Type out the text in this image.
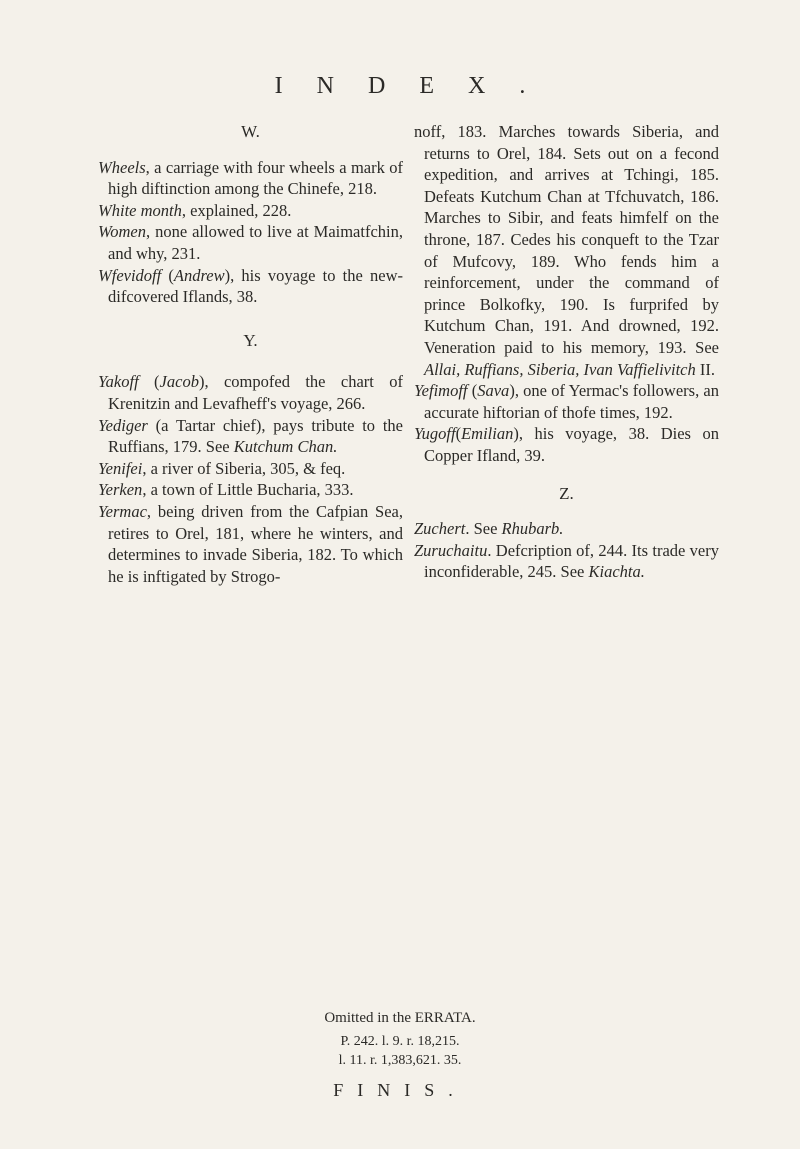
INDEX.
W.

Wheels, a carriage with four wheels a mark of high diftinction among the Chinefe, 218.

White month, explained, 228.

Women, none allowed to live at Maimatfchin, and why, 231.

Wfevidoff (Andrew), his voyage to the new-difcovered Iflands, 38.

Y.

Yakoff (Jacob), compofed the chart of Krenitzin and Levafheff's voyage, 266.

Yediger (a Tartar chief), pays tribute to the Ruffians, 179. See Kutchum Chan.

Yenifei, a river of Siberia, 305, & feq.

Yerken, a town of Little Bucharia, 333.

Yermac, being driven from the Cafpian Sea, retires to Orel, 181, where he winters, and determines to invade Siberia, 182. To which he is inftigated by Strogo-

noff, 183. Marches towards Siberia, and returns to Orel, 184. Sets out on a fecond expedition, and arrives at Tchingi, 185. Defeats Kutchum Chan at Tfchuvatch, 186. Marches to Sibir, and feats himfelf on the throne, 187. Cedes his conqueft to the Tzar of Mufcovy, 189. Who fends him a reinforcement, under the command of prince Bolkofky, 190. Is furprifed by Kutchum Chan, 191. And drowned, 192. Veneration paid to his memory, 193. See Allai, Ruffians, Siberia, Ivan Vaffielivitch II.

Yefimoff (Sava), one of Yermac's followers, an accurate hiftorian of thofe times, 192.

Yugoff(Emilian), his voyage, 38. Dies on Copper Ifland, 39.

Z.

Zuchert. See Rhubarb.

Zuruchaitu. Defcription of, 244. Its trade very inconfiderable, 245. See Kiachta.

Omitted in the ERRATA.
P. 242. l. 9. r. 18,215.
l. 11. r. 1,383,621. 35.
FINIS.
